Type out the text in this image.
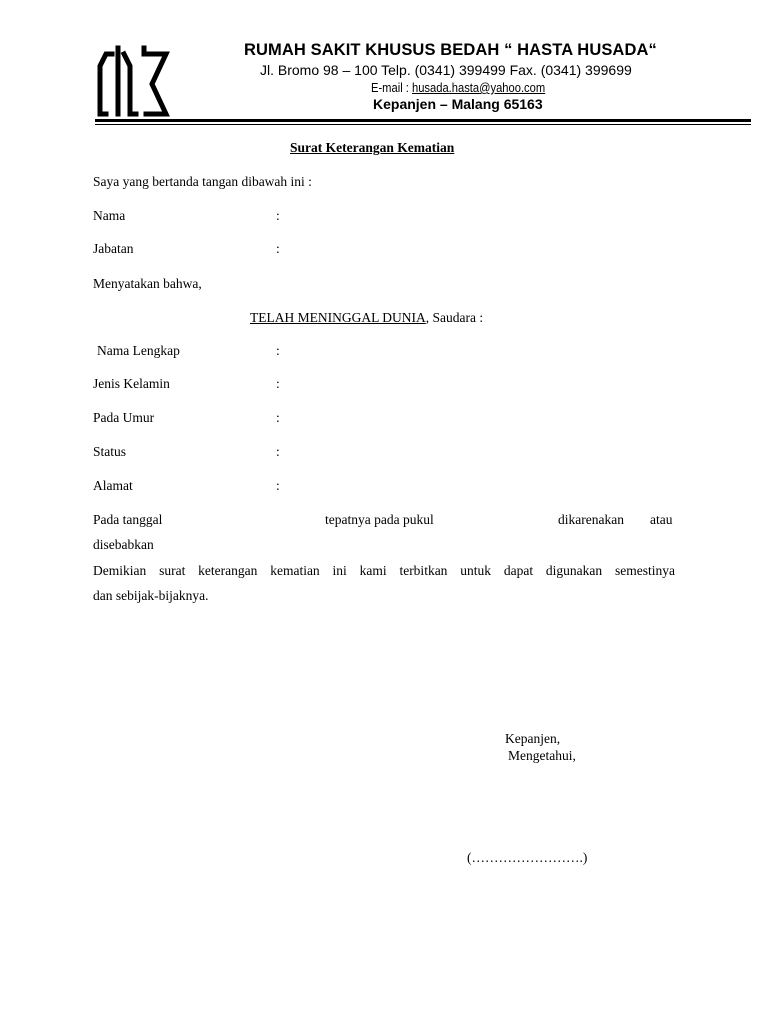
RUMAH SAKIT KHUSUS BEDAH “ HASTA HUSADA“
Jl. Bromo 98 – 100 Telp. (0341) 399499 Fax. (0341) 399699
E-mail : husada.hasta@yahoo.com
Kepanjen – Malang 65163
Surat Keterangan Kematian
Saya yang bertanda tangan dibawah ini :
Nama	:
Jabatan	:
Menyatakan bahwa,
TELAH MENINGGAL DUNIA, Saudara :
Nama Lengkap	:
Jenis Kelamin	:
Pada Umur	:
Status	:
Alamat	:
Pada tanggal	tepatnya pada pukul	dikarenakan atau
disebabkan
Demikian surat keterangan kematian ini kami terbitkan untuk dapat digunakan semestinya
dan sebijak-bijaknya.
Kepanjen,
Mengetahui,
(…………………….)
